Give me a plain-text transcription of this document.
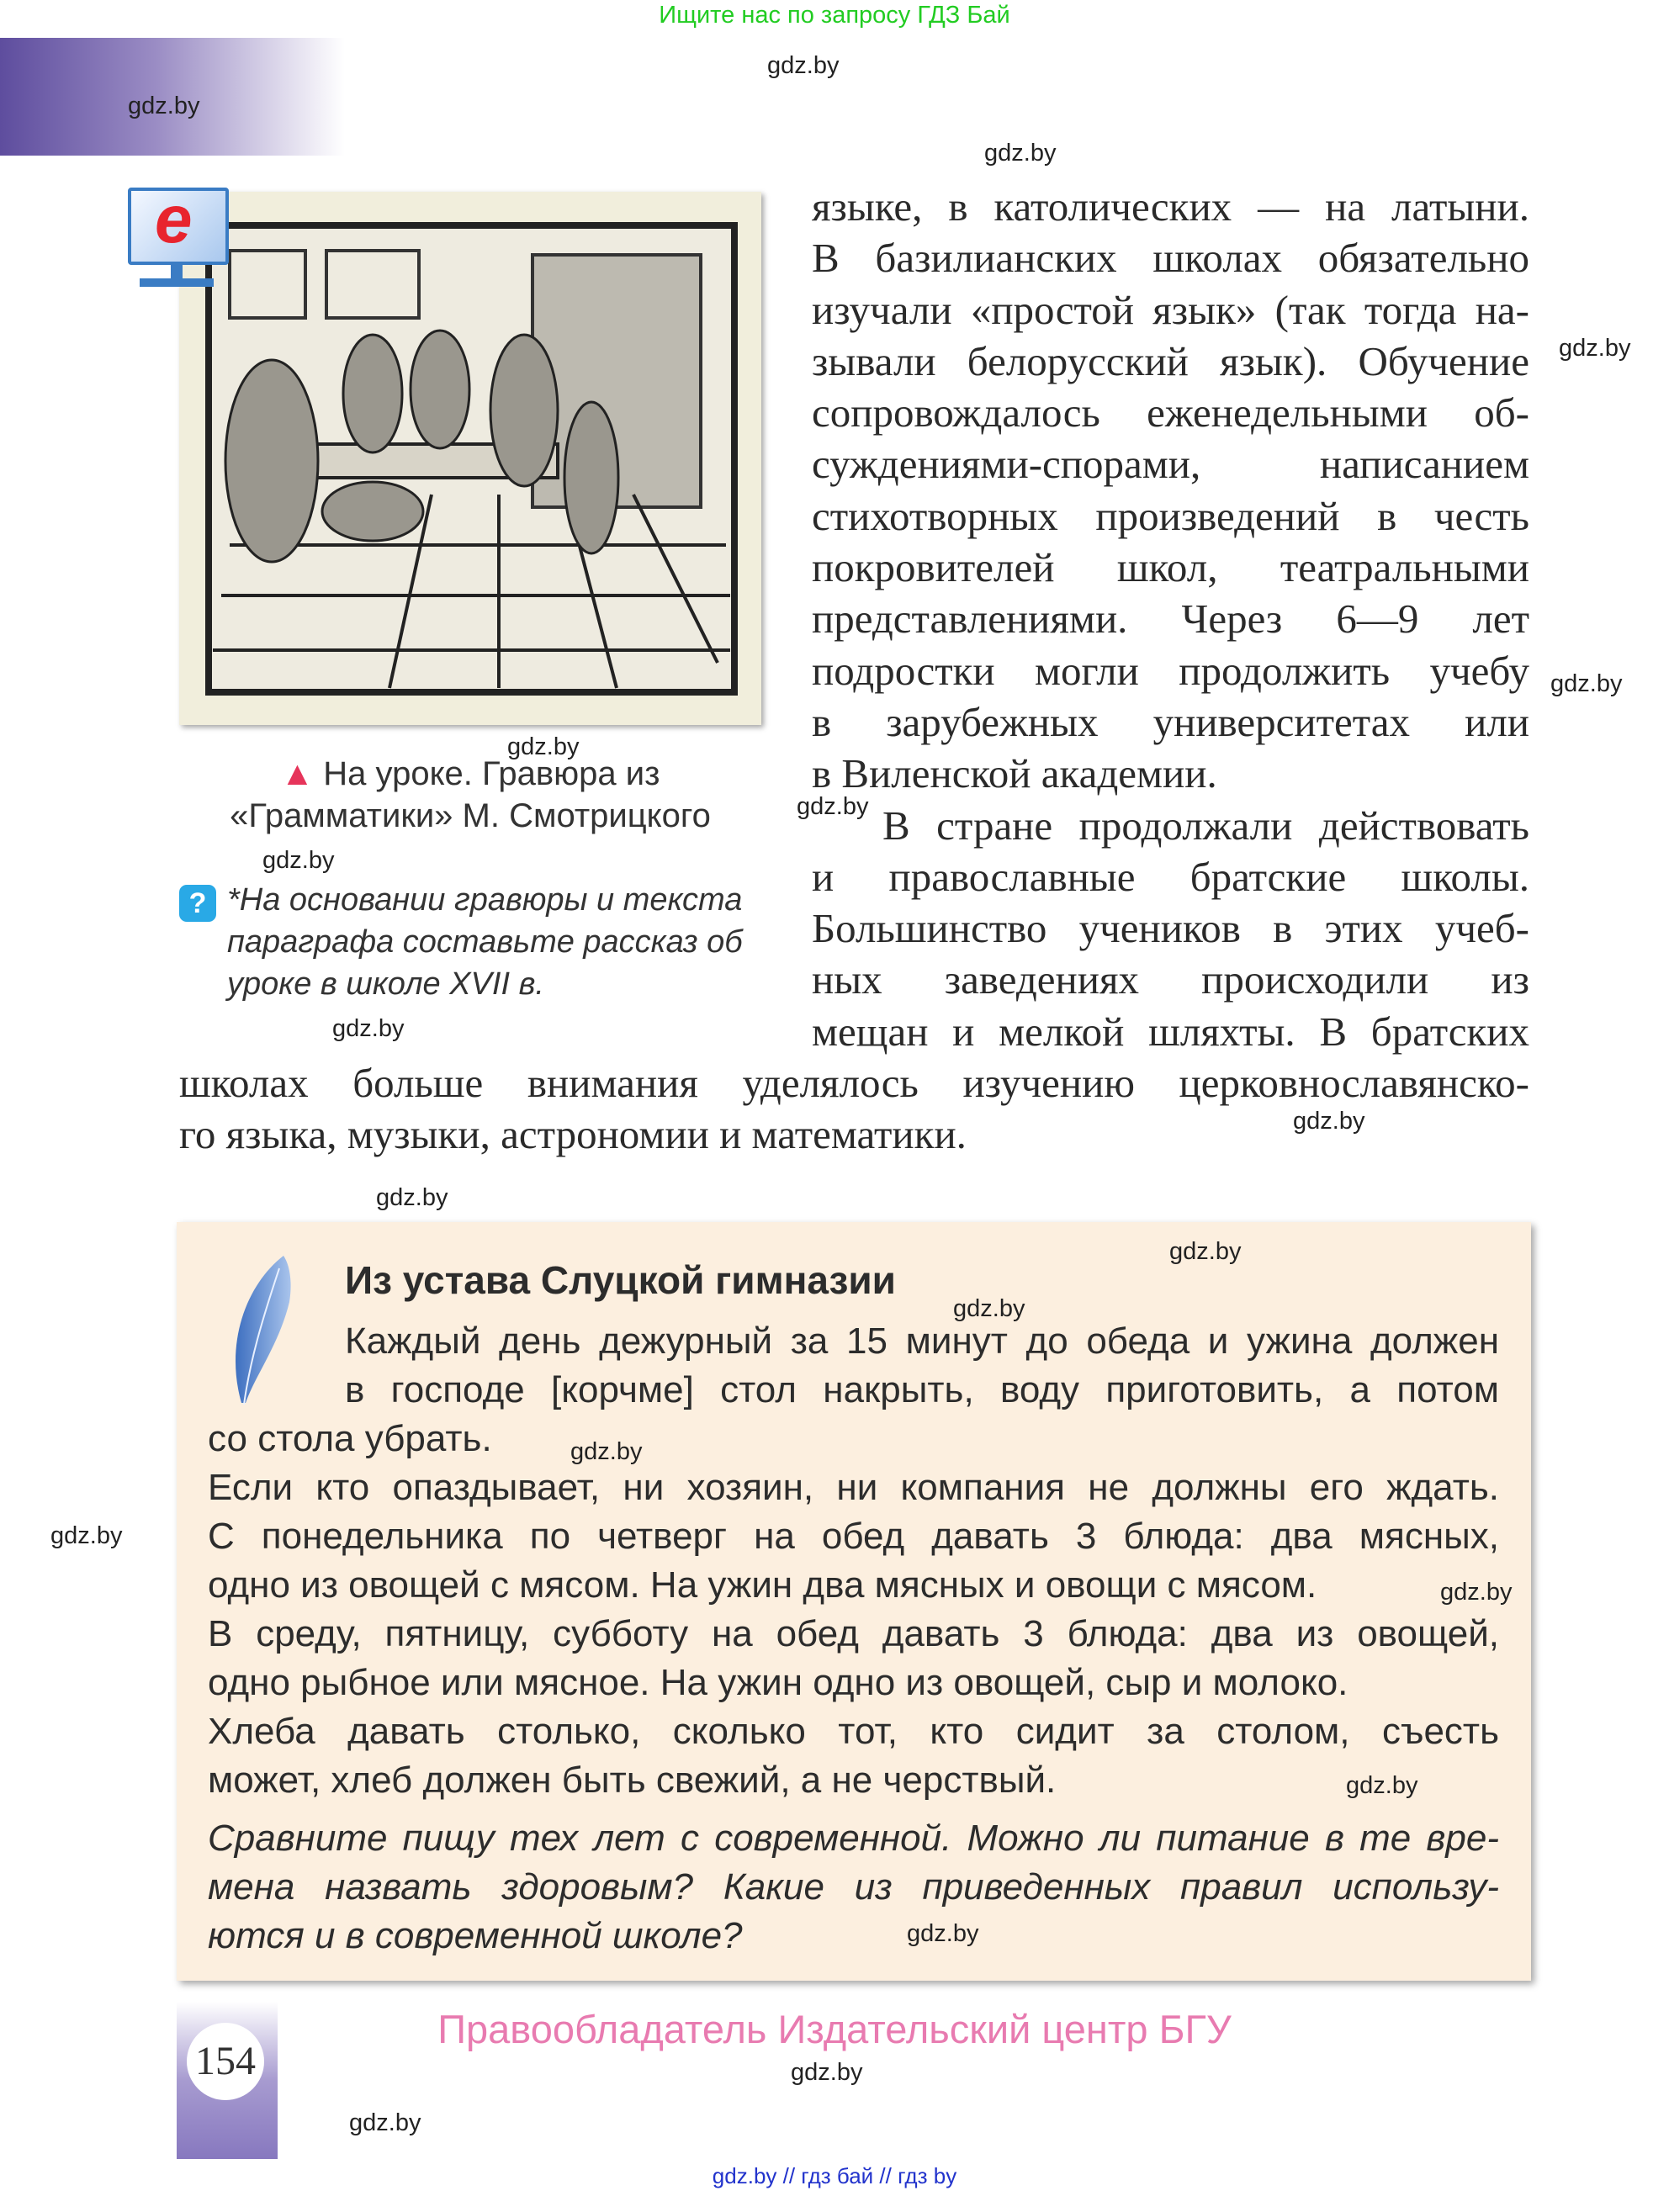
Ищите нас по запросу ГДЗ Бай
gdz.by
gdz.by
gdz.by
gdz.by
gdz.by
gdz.by
gdz.by
gdz.by
gdz.by
gdz.by
gdz.by
gdz.by
gdz.by
gdz.by
gdz.by
gdz.by
gdz.by
gdz.by
gdz.by
gdz.by
e
▲ На уроке. Гравюра из
«Грамматики» М. Смотрицкого
? *На основании гравюры и текста
параграфа составьте рассказ об
уроке в школе XVII в.
языке, в католических — на латыни.
В базилианских школах обязательно
изучали «простой язык» (так тогда на-
зывали белорусский язык). Обучение
сопровождалось еженедельными об-
суждениями-спорами, написанием
стихотворных произведений в честь
покровителей школ, театральными
представлениями. Через 6—9 лет
подростки могли продолжить учебу
в зарубежных университетах или
в Виленской академии.
В стране продолжали действовать
и православные братские школы.
Большинство учеников в этих учеб-
ных заведениях происходили из
мещан и мелкой шляхты. В братских
школах больше внимания уделялось изучению церковнославянско-
го языка, музыки, астрономии и математики.
Из устава Слуцкой гимназии
Каждый день дежурный за 15 минут до обеда и ужина должен
в господе [корчме] стол накрыть, воду приготовить, а потом
со стола убрать.
Если кто опаздывает, ни хозяин, ни компания не должны его ждать.
С понедельника по четверг на обед давать 3 блюда: два мясных,
одно из овощей с мясом. На ужин два мясных и овощи с мясом.
В среду, пятницу, субботу на обед давать 3 блюда: два из овощей,
одно рыбное или мясное. На ужин одно из овощей, сыр и молоко.
Хлеба давать столько, сколько тот, кто сидит за столом, съесть
может, хлеб должен быть свежий, а не черствый.
Сравните пищу тех лет с современной. Можно ли питание в те вре-
мена назвать здоровым? Какие из приведенных правил использу-
ются и в современной школе?
154
Правообладатель Издательский центр БГУ
gdz.by // гдз бай // гдз by
